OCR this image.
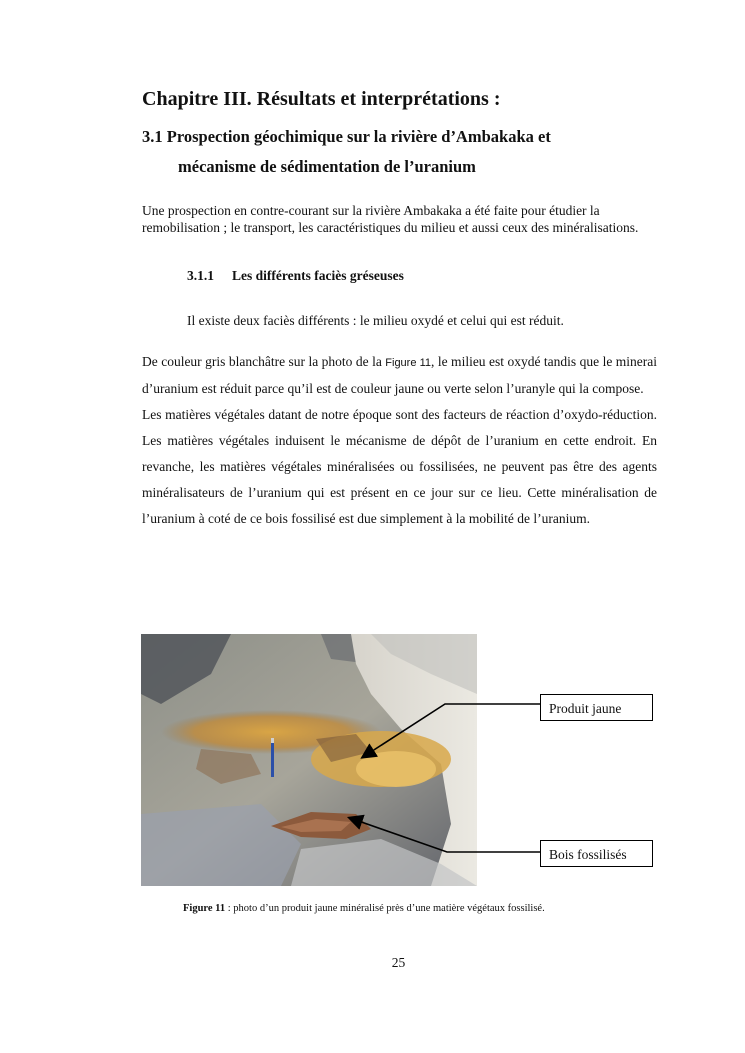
Chapitre III. Résultats et interprétations :
3.1 Prospection géochimique sur la rivière d’Ambakaka et
mécanisme de sédimentation de l’uranium
Une prospection en contre-courant sur la rivière Ambakaka a été faite pour étudier la remobilisation ; le transport, les caractéristiques du milieu et aussi ceux des minéralisations.
3.1.1 Les différents faciès gréseuses
Il existe deux faciès différents : le milieu oxydé et celui qui est réduit.

De couleur gris blanchâtre sur la photo de la Figure 11, le milieu est oxydé tandis que le minerai d’uranium est réduit parce qu’il est de couleur jaune ou verte selon l’uranyle qui la compose.

Les matières végétales datant de notre époque sont des facteurs de réaction d’oxydo-réduction. Les matières végétales induisent le mécanisme de dépôt de l’uranium en cette endroit. En revanche, les matières végétales minéralisées ou fossilisées, ne peuvent pas être des agents minéralisateurs de l’uranium qui est présent en ce jour sur ce lieu. Cette minéralisation de l’uranium à coté de ce bois fossilisé est due simplement à la mobilité de l’uranium.

Produit jaune
Bois fossilisés
Figure 11 : photo d’un produit jaune minéralisé près d’une matière végétaux fossilisé.
25
